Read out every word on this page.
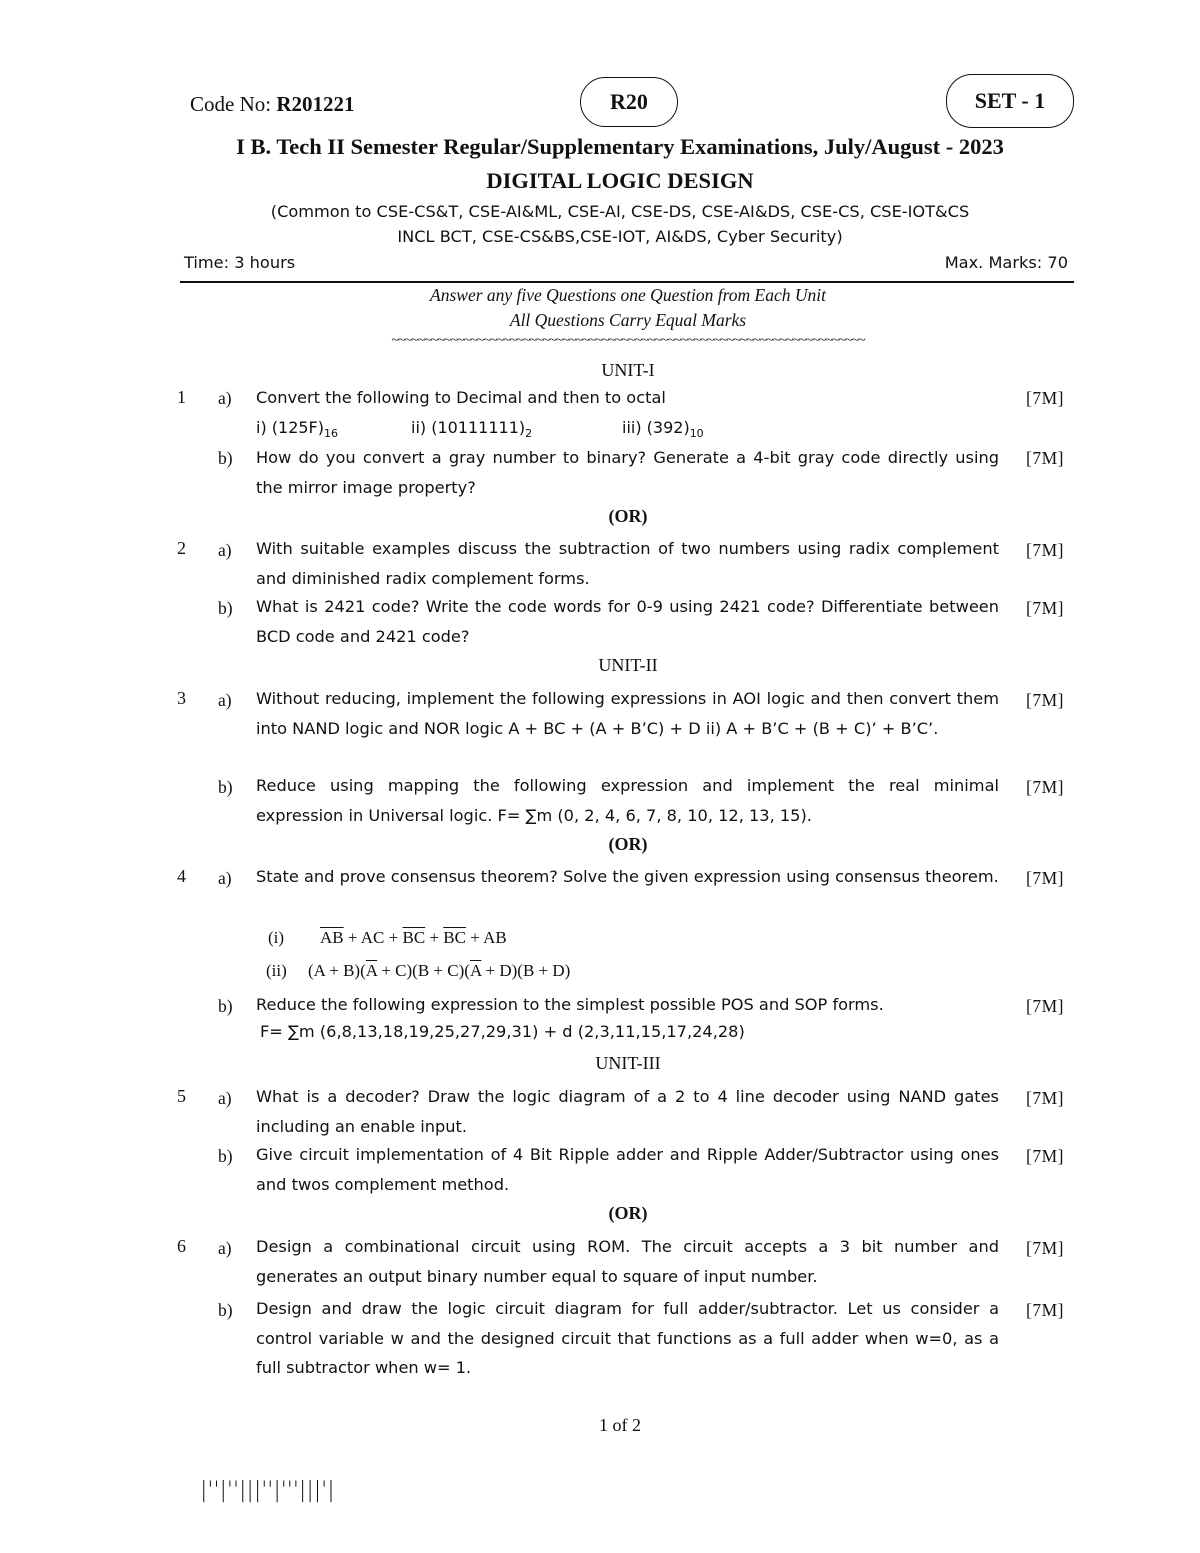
Code No: R201221	R20	SET - 1
I B. Tech II Semester Regular/Supplementary Examinations, July/August - 2023
DIGITAL LOGIC DESIGN
(Common to CSE-CS&T, CSE-AI&ML, CSE-AI, CSE-DS, CSE-AI&DS, CSE-CS, CSE-IOT&CS
INCL BCT, CSE-CS&BS,CSE-IOT, AI&DS, Cyber Security)
Time: 3 hours	Max. Marks: 70
Answer any five Questions one Question from Each Unit
All Questions Carry Equal Marks
~~~~~~~~~~~~~~~~~~~~~~~~~~~~~~~~~~~~~~~~~~~~~~~~~~~~~~~~~~~~~~~~~~~~~~~~
UNIT-I
1 a) Convert the following to Decimal and then to octal	[7M]
i) $(125F)_{16}$	ii) $(10111111)_2$	iii) $(392)_{10}$
b) How do you convert a gray number to binary? Generate a 4-bit gray code directly using the mirror image property?
[7M]
(OR)
2 a) With suitable examples discuss the subtraction of two numbers using radix complement and diminished radix complement forms.
[7M]
b) What is 2421 code? Write the code words for 0-9 using 2421 code? Differentiate between BCD code and 2421 code?
[7M]
UNIT-II
3 a) Without reducing, implement the following expressions in AOI logic and then convert them into NAND logic and NOR logic A + BC + (A + B’C) + D ii) A + B’C + (B + C)’ + B’C’.
[7M]
b) Reduce using mapping the following expression and implement the real minimal expression in Universal logic. F= ∑m (0, 2, 4, 6, 7, 8, 10, 12, 13, 15).
[7M]
(OR)
4 a) State and prove consensus theorem? Solve the given expression using consensus theorem. [7M]
(i) $\overline{AB}$ + AC + $\overline{BC} + \overline{BC}$ + AB
(ii) $(A + B)(\overline{A} + C)(B + C)(\overline{A} + D)(B + D)$
b) Reduce the following expression to the simplest possible POS and SOP forms.	[7M]
F= ∑m (6,8,13,18,19,25,27,29,31) + d (2,3,11,15,17,24,28)
UNIT-III
5 a) What is a decoder? Draw the logic diagram of a 2 to 4 line decoder using NAND gates including an enable input.
[7M]
b) Give circuit implementation of 4 Bit Ripple adder and Ripple Adder/Subtractor using ones and twos complement method.
[7M]
(OR)
6 a) Design a combinational circuit using ROM. The circuit accepts a 3 bit number and generates an output binary number equal to square of input number.
[7M]
b) Design and draw the logic circuit diagram for full adder/subtractor. Let us consider a control variable w and the designed circuit that functions as a full adder when w=0, as a full subtractor when w= 1.
[7M]
1 of 2
|''|''|||''|'''|||'|
